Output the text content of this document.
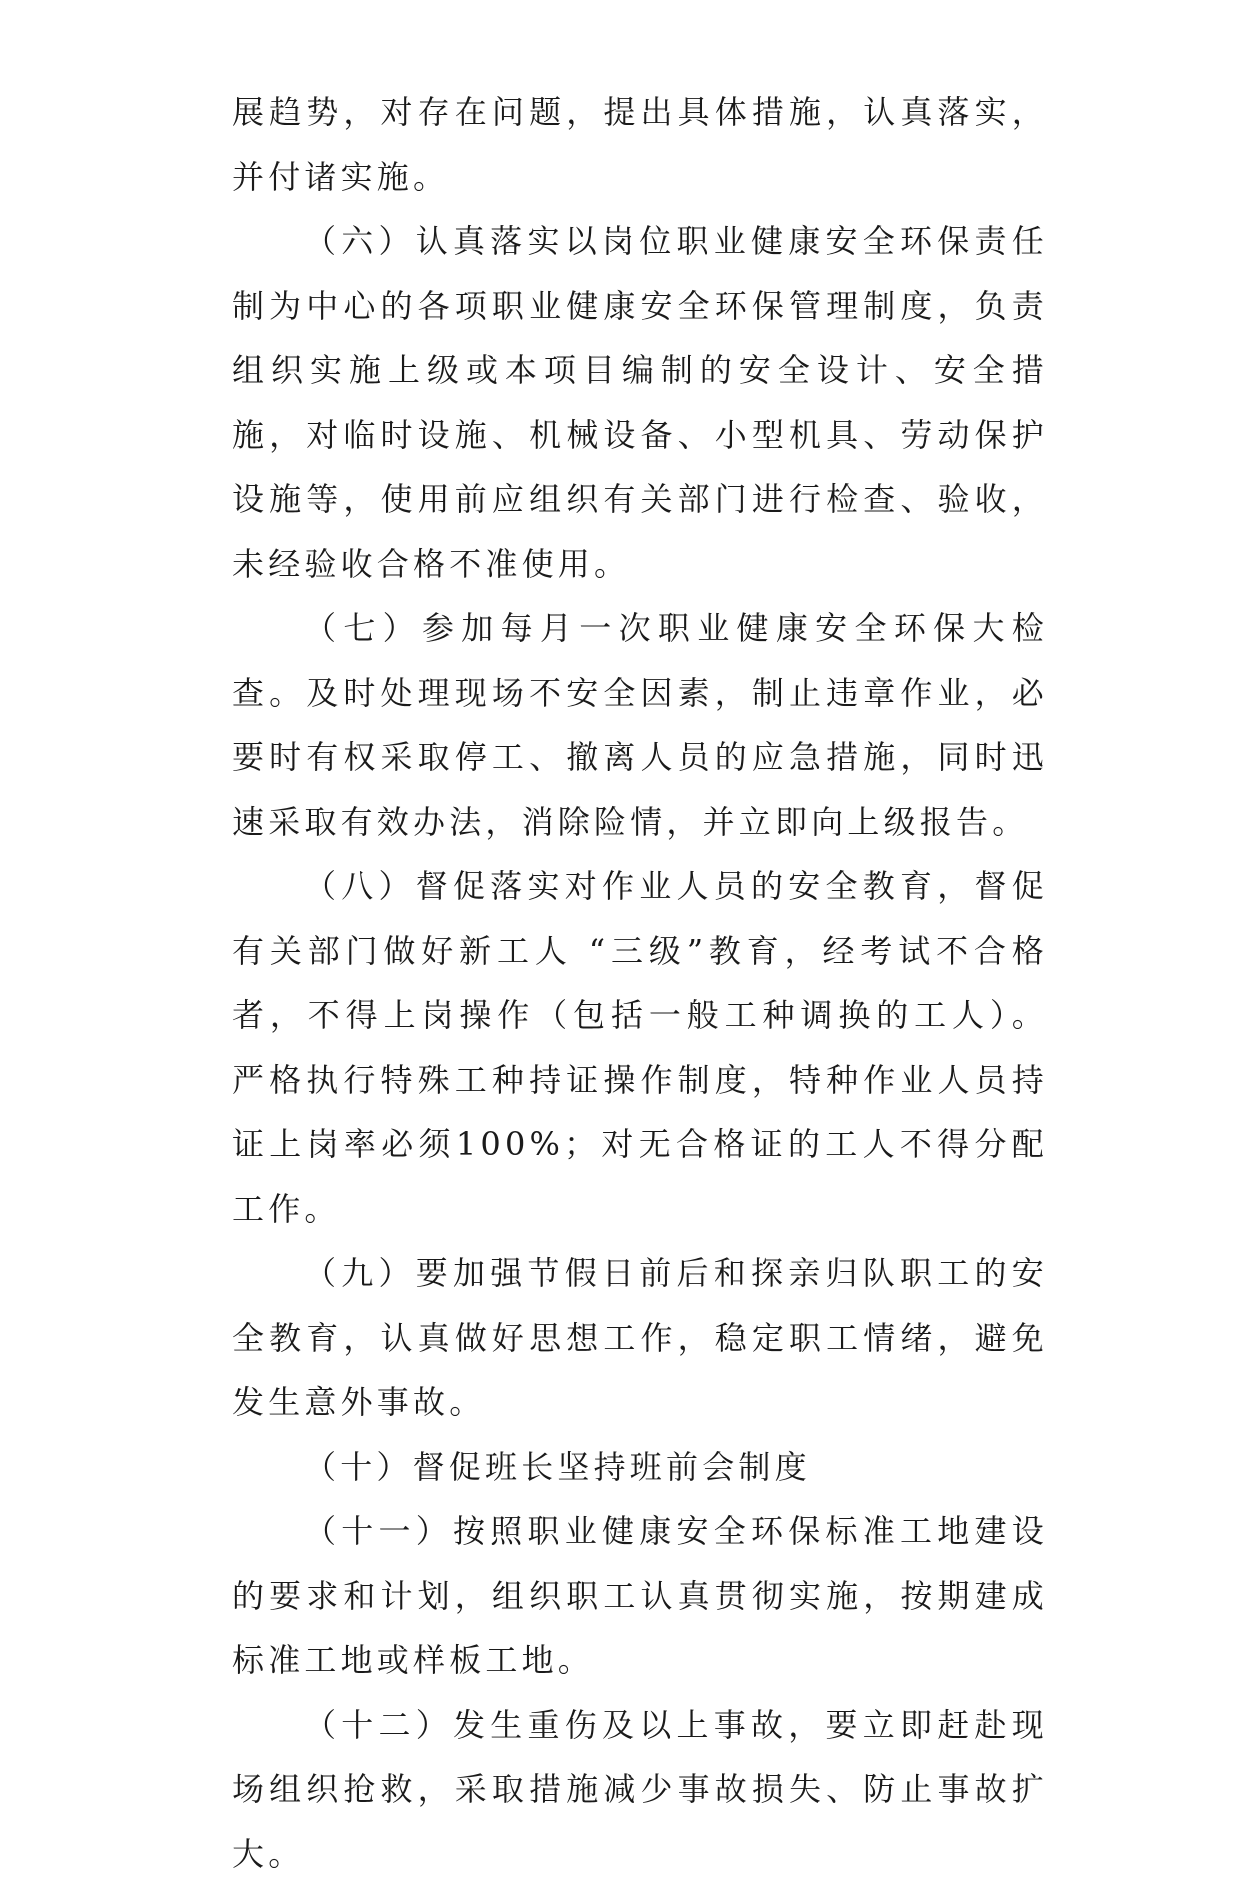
展趋势，对存在问题，提出具体措施，认真落实，并付诸实施。

（六）认真落实以岗位职业健康安全环保责任制为中心的各项职业健康安全环保管理制度，负责组织实施上级或本项目编制的安全设计、安全措施，对临时设施、机械设备、小型机具、劳动保护设施等，使用前应组织有关部门进行检查、验收，未经验收合格不准使用。

（七）参加每月一次职业健康安全环保大检查。及时处理现场不安全因素，制止违章作业，必要时有权采取停工、撤离人员的应急措施，同时迅速采取有效办法，消除险情，并立即向上级报告。

（八）督促落实对作业人员的安全教育，督促有关部门做好新工人 “三级”教育，经考试不合格者，不得上岗操作（包括一般工种调换的工人）。严格执行特殊工种持证操作制度，特种作业人员持证上岗率必须100%；对无合格证的工人不得分配工作。

（九）要加强节假日前后和探亲归队职工的安全教育，认真做好思想工作，稳定职工情绪，避免发生意外事故。

（十）督促班长坚持班前会制度

（十一）按照职业健康安全环保标准工地建设的要求和计划，组织职工认真贯彻实施，按期建成标准工地或样板工地。

（十二）发生重伤及以上事故，要立即赶赴现场组织抢救，采取措施减少事故损失、防止事故扩大。
